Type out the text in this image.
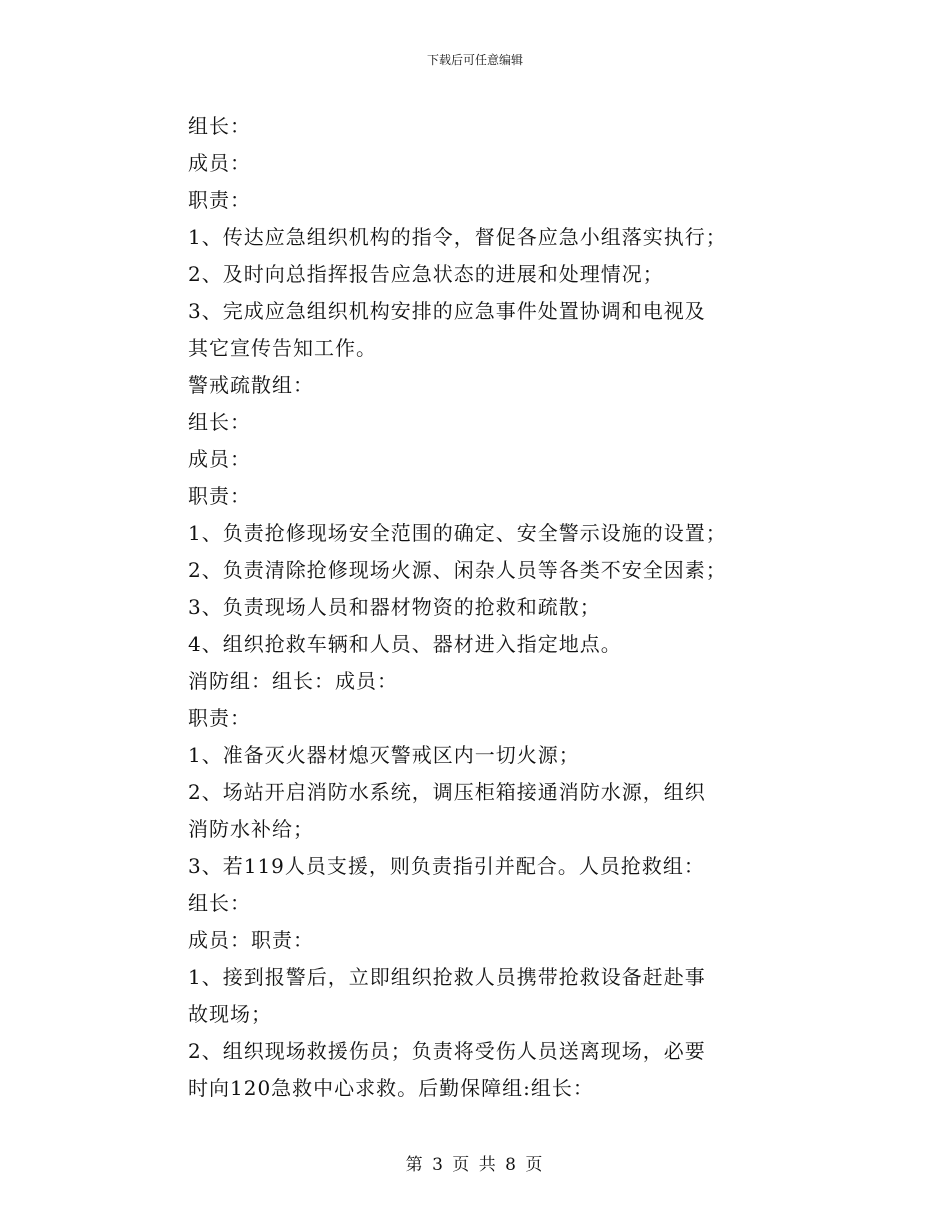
下载后可任意编辑
组长：
成员：
职责：
1、传达应急组织机构的指令，督促各应急小组落实执行；
2、及时向总指挥报告应急状态的进展和处理情况；
3、完成应急组织机构安排的应急事件处置协调和电视及
其它宣传告知工作。
警戒疏散组：
组长：
成员：
职责：
1、负责抢修现场安全范围的确定、安全警示设施的设置；
2、负责清除抢修现场火源、闲杂人员等各类不安全因素；
3、负责现场人员和器材物资的抢救和疏散；
4、组织抢救车辆和人员、器材进入指定地点。
消防组：组长：成员：
职责：
1、准备灭火器材熄灭警戒区内一切火源；
2、场站开启消防水系统，调压柜箱接通消防水源，组织
消防水补给；
3、若119人员支援，则负责指引并配合。人员抢救组：
组长：
成员：职责：
1、接到报警后，立即组织抢救人员携带抢救设备赶赴事
故现场；
2、组织现场救援伤员；负责将受伤人员送离现场，必要
时向120急救中心求救。后勤保障组:组长：
第 3 页 共 8 页
